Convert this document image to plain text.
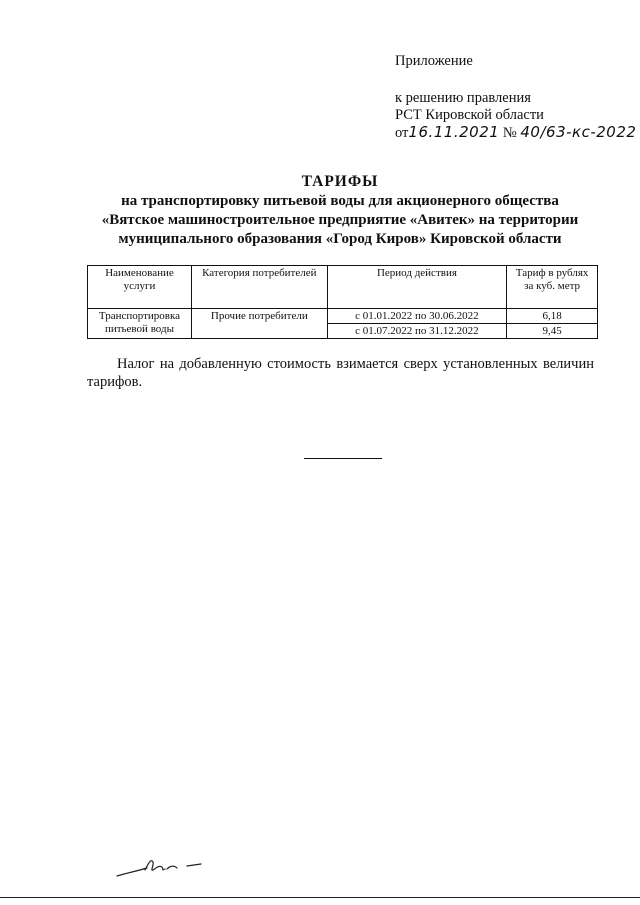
Приложение
к решению правления
РСТ Кировской области
от16.11.2021 № 40/63-кс-2022
ТАРИФЫ
на транспортировку питьевой воды для акционерного общества
«Вятское машиностроительное предприятие «Авитек» на территории
муниципального образования «Город Киров» Кировской области
Наименование услуги	Категория потребителей	Период действия	Тариф в рублях за куб. метр
Транспортировка питьевой воды	Прочие потребители	с 01.01.2022 по 30.06.2022	6,18
		с 01.07.2022 по 31.12.2022	9,45
Налог на добавленную стоимость взимается сверх установленных величин тарифов.
